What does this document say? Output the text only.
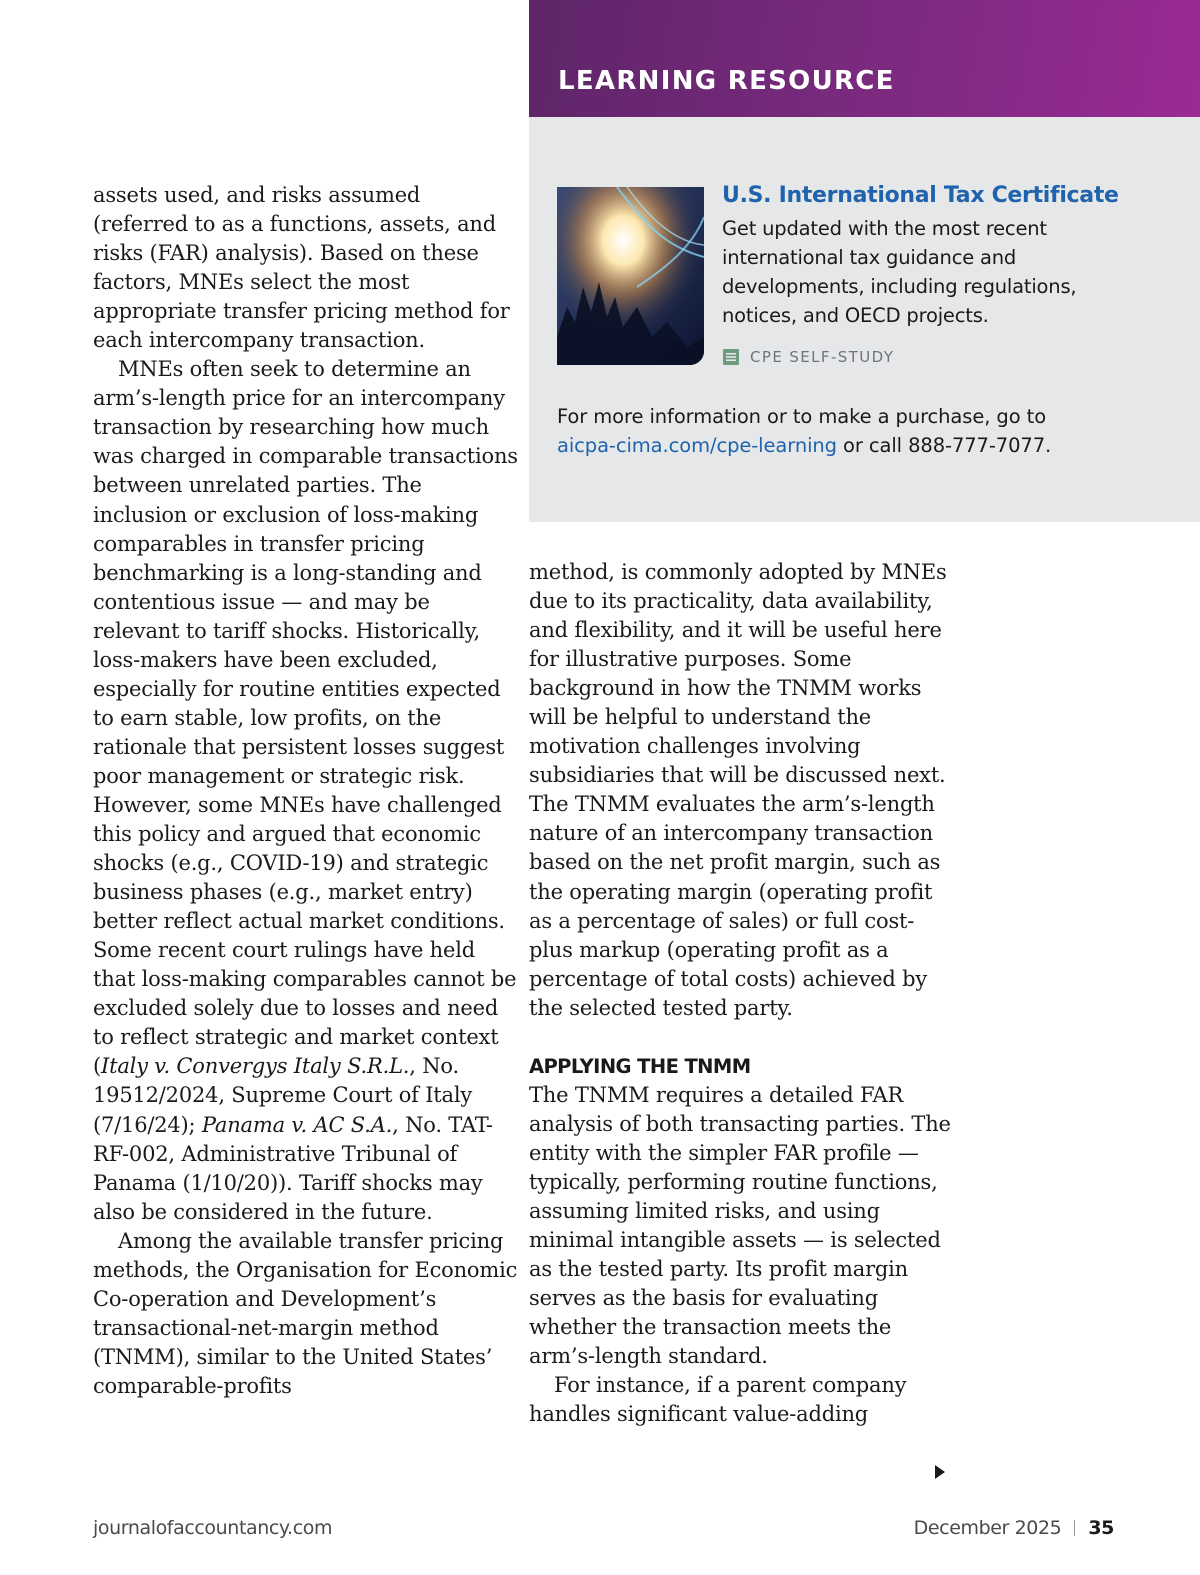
LEARNING RESOURCE
U.S. International Tax Certificate

Get updated with the most recent international tax guidance and developments, including regulations, notices, and OECD projects.

CPE SELF-STUDY

For more information or to make a purchase, go to
aicpa-cima.com/cpe-learning or call 888-777-7077.

assets used, and risks assumed (referred to as a functions, assets, and risks (FAR) analysis). Based on these factors, MNEs select the most appropriate transfer pricing method for each intercompany transaction.

MNEs often seek to determine an arm’s-length price for an intercompany transaction by researching how much was charged in comparable transactions between unrelated parties. The inclusion or exclusion of loss-making comparables in transfer pricing benchmarking is a long-standing and contentious issue — and may be relevant to tariff shocks. Historically, loss-makers have been excluded, especially for routine entities expected to earn stable, low profits, on the rationale that persistent losses suggest poor management or strategic risk. However, some MNEs have challenged this policy and argued that economic shocks (e.g., COVID-19) and strategic business phases (e.g., market entry) better reflect actual market conditions. Some recent court rulings have held that loss-making comparables cannot be excluded solely due to losses and need to reflect strategic and market context (Italy v. Convergys Italy S.R.L., No. 19512/2024, Supreme Court of Italy (7/16/24); Panama v. AC S.A., No. TAT-RF-002, Administrative Tribunal of Panama (1/10/20)). Tariff shocks may also be considered in the future.

Among the available transfer pricing methods, the Organisation for Economic Co-operation and Development’s transactional-net-margin method (TNMM), similar to the United States’ comparable-profits

method, is commonly adopted by MNEs due to its practicality, data availability, and flexibility, and it will be useful here for illustrative purposes. Some background in how the TNMM works will be helpful to understand the motivation challenges involving subsidiaries that will be discussed next. The TNMM evaluates the arm’s-length nature of an intercompany transaction based on the net profit margin, such as the operating margin (operating profit as a percentage of sales) or full cost-plus markup (operating profit as a percentage of total costs) achieved by the selected tested party.

APPLYING THE TNMM

The TNMM requires a detailed FAR analysis of both transacting parties. The entity with the simpler FAR profile — typically, performing routine functions, assuming limited risks, and using minimal intangible assets — is selected as the tested party. Its profit margin serves as the basis for evaluating whether the transaction meets the arm’s-length standard.

For instance, if a parent company handles significant value-adding

journalofaccountancy.com	December 2025 35
